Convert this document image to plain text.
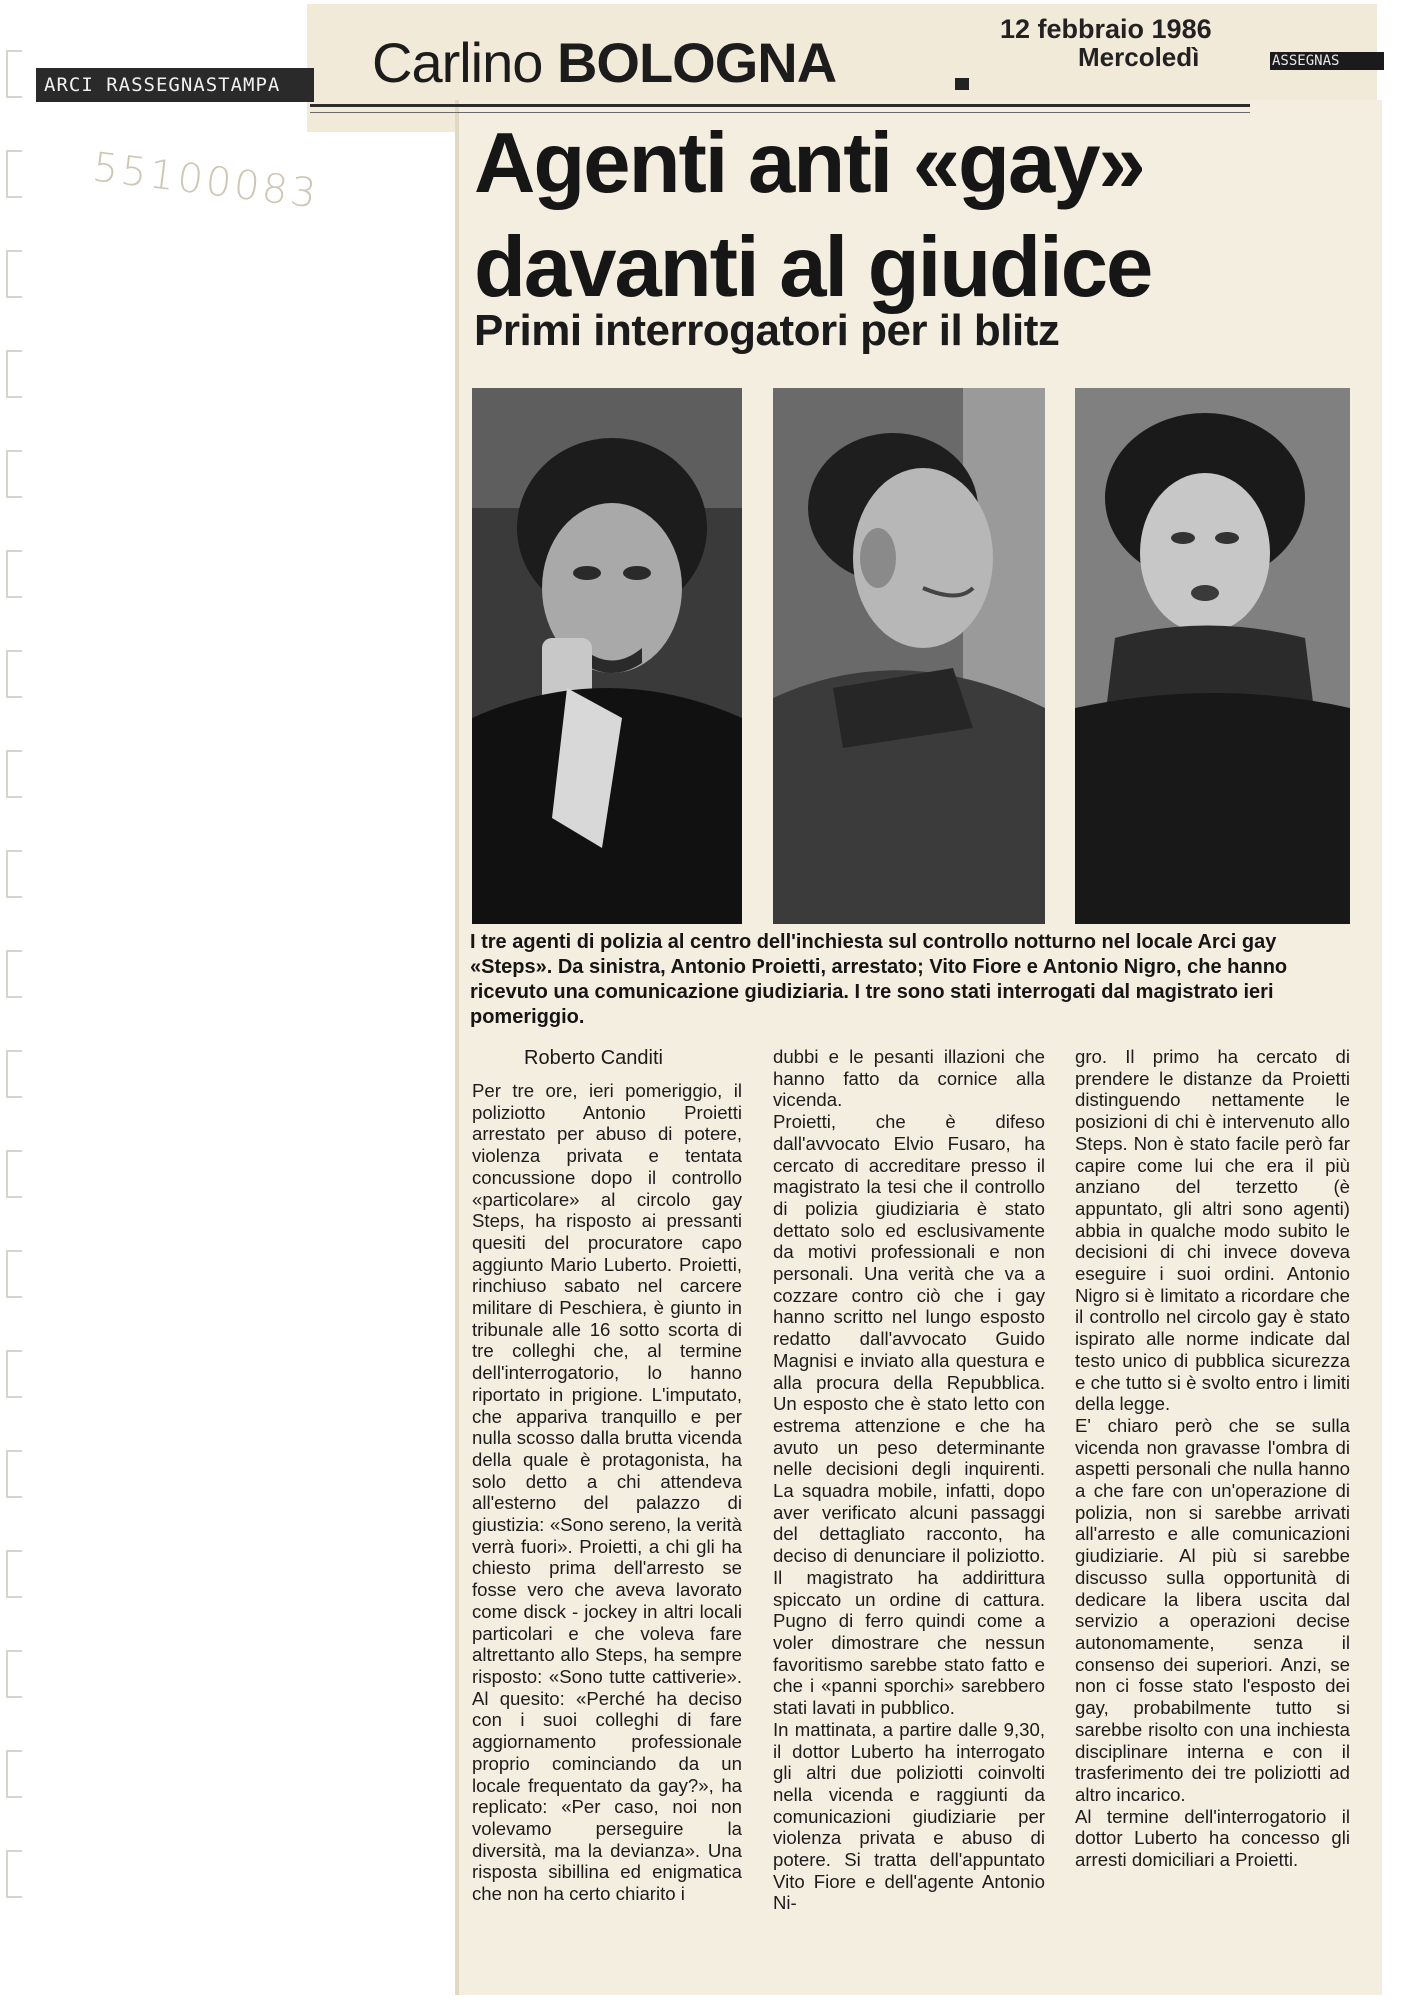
ARCI RASSEGNASTAMPA
ASSEGNAS
55100083
Carlino BOLOGNA
12 febbraio 1986
Mercoledì
Agenti anti «gay»
davanti al giudice
Primi interrogatori per il blitz

I tre agenti di polizia al centro dell'inchiesta sul controllo notturno nel locale Arci gay «Steps». Da sinistra, Antonio Proietti, arrestato; Vito Fiore e Antonio Nigro, che hanno ricevuto una comunicazione giudiziaria. I tre sono stati interrogati dal magistrato ieri pomeriggio.

Roberto Canditi

Per tre ore, ieri pomeriggio, il poliziotto Antonio Proietti arrestato per abuso di potere, violenza privata e tentata concussione dopo il controllo «particolare» al circolo gay Steps, ha risposto ai pressanti quesiti del procuratore capo aggiunto Mario Luberto. Proietti, rinchiuso sabato nel carcere militare di Peschiera, è giunto in tribunale alle 16 sotto scorta di tre colleghi che, al termine dell'interrogatorio, lo hanno riportato in prigione. L'imputato, che appariva tranquillo e per nulla scosso dalla brutta vicenda della quale è protagonista, ha solo detto a chi attendeva all'esterno del palazzo di giustizia: «Sono sereno, la verità verrà fuori». Proietti, a chi gli ha chiesto prima dell'arresto se fosse vero che aveva lavorato come disck - jockey in altri locali particolari e che voleva fare altrettanto allo Steps, ha sempre risposto: «Sono tutte cattiverie». Al quesito: «Perché ha deciso con i suoi colleghi di fare aggiornamento professionale proprio cominciando da un locale frequentato da gay?», ha replicato: «Per caso, noi non volevamo perseguire la diversità, ma la devianza». Una risposta sibillina ed enigmatica che non ha certo chiarito i

dubbi e le pesanti illazioni che hanno fatto da cornice alla vicenda.

Proietti, che è difeso dall'avvocato Elvio Fusaro, ha cercato di accreditare presso il magistrato la tesi che il controllo di polizia giudiziaria è stato dettato solo ed esclusivamente da motivi professionali e non personali. Una verità che va a cozzare contro ciò che i gay hanno scritto nel lungo esposto redatto dall'avvocato Guido Magnisi e inviato alla questura e alla procura della Repubblica. Un esposto che è stato letto con estrema attenzione e che ha avuto un peso determinante nelle decisioni degli inquirenti. La squadra mobile, infatti, dopo aver verificato alcuni passaggi del dettagliato racconto, ha deciso di denunciare il poliziotto. Il magistrato ha addirittura spiccato un ordine di cattura. Pugno di ferro quindi come a voler dimostrare che nessun favoritismo sarebbe stato fatto e che i «panni sporchi» sarebbero stati lavati in pubblico.

In mattinata, a partire dalle 9,30, il dottor Luberto ha interrogato gli altri due poliziotti coinvolti nella vicenda e raggiunti da comunicazioni giudiziarie per violenza privata e abuso di potere. Si tratta dell'appuntato Vito Fiore e dell'agente Antonio Ni-

gro. Il primo ha cercato di prendere le distanze da Proietti distinguendo nettamente le posizioni di chi è intervenuto allo Steps. Non è stato facile però far capire come lui che era il più anziano del terzetto (è appuntato, gli altri sono agenti) abbia in qualche modo subito le decisioni di chi invece doveva eseguire i suoi ordini. Antonio Nigro si è limitato a ricordare che il controllo nel circolo gay è stato ispirato alle norme indicate dal testo unico di pubblica sicurezza e che tutto si è svolto entro i limiti della legge.

E' chiaro però che se sulla vicenda non gravasse l'ombra di aspetti personali che nulla hanno a che fare con un'operazione di polizia, non si sarebbe arrivati all'arresto e alle comunicazioni giudiziarie. Al più si sarebbe discusso sulla opportunità di dedicare la libera uscita dal servizio a operazioni decise autonomamente, senza il consenso dei superiori. Anzi, se non ci fosse stato l'esposto dei gay, probabilmente tutto si sarebbe risolto con una inchiesta disciplinare interna e con il trasferimento dei tre poliziotti ad altro incarico.

Al termine dell'interrogatorio il dottor Luberto ha concesso gli arresti domiciliari a Proietti.
